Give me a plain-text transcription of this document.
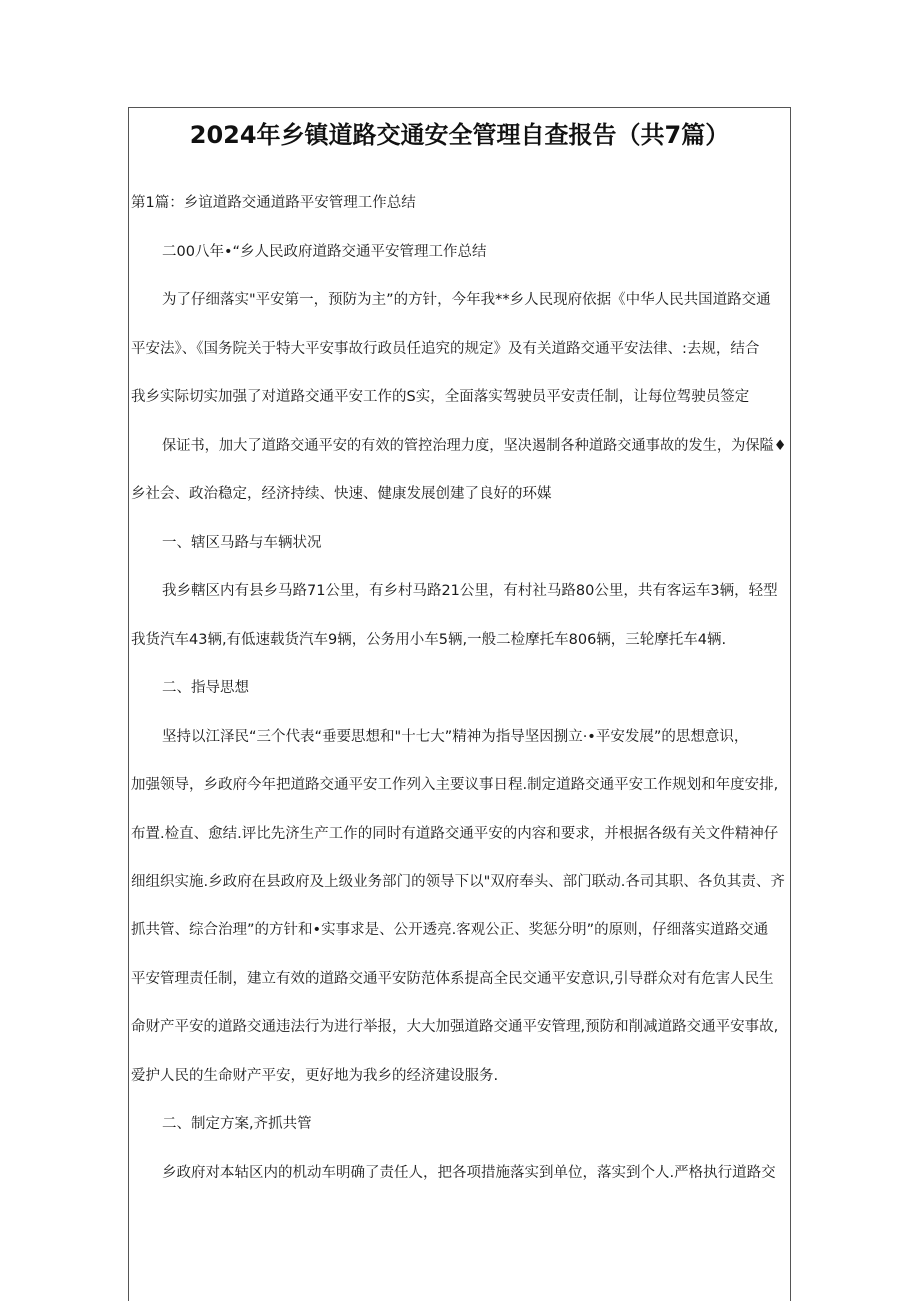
2024年乡镇道路交通安全管理自查报告（共7篇）
第1篇：乡谊道路交通道路平安管理工作总结
二00八年•“乡人民政府道路交通平安管理工作总结
为了仔细落实"平安第一，预防为主”的方针，今年我**乡人民现府依据《中华人民共国道路交通
平安法》、《国务院关于特大平安事故行政员任追究的规定》及有关道路交通平安法律、:去规，结合
我乡实际切实加强了对道路交通平安工作的S实，全面落实驾驶员平安责任制，让每位驾驶员签定
保证书，加大了道路交通平安的有效的管控治理力度，坚决遏制各种道路交通事故的发生，为保隘♦
乡社会、政治稳定，经济持续、快速、健康发展创建了良好的环媒
一、辖区马路与车辆状况
我乡轄区内有县乡马路71公里，有乡村马路21公里，有村社马路80公里，共有客运车3辆，轻型
我货汽车43辆,有低速载货汽车9辆，公务用小车5辆,一般二检摩托车806辆，三轮摩托车4辆.
二、指导思想
坚持以江泽民“三个代表“垂要思想和"十七大”精神为指导坚因捌立·•平安发展”的思想意识，
加强领导，乡政府今年把道路交通平安工作列入主要议事日程.制定道路交通平安工作规划和年度安排,
布置.检直、愈结.评比先济生产工作的同时有道路交通平安的内容和要求，并根据各级有关文件精神仔
细组织实施.乡政府在县政府及上级业务部门的领导下以"双府奉头、部门联动.各司其职、各负其责、齐
抓共管、综合治理”的方针和•实事求是、公开透亮.客观公正、奖惩分明”的原则，仔细落实道路交通
平安管理责任制，建立有效的道路交通平安防范体系提高全民交通平安意识,引导群众对有危害人民生
命财产平安的道路交通违法行为进行举报，大大加强道路交通平安管理,预防和削减道路交通平安事故,
爱护人民的生命财产平安，更好地为我乡的经济建设服务.
二、制定方案,齐抓共管
乡政府对本轱区内的机动车明确了责任人，把各项措施落实到单位，落实到个人.严格执行道路交
